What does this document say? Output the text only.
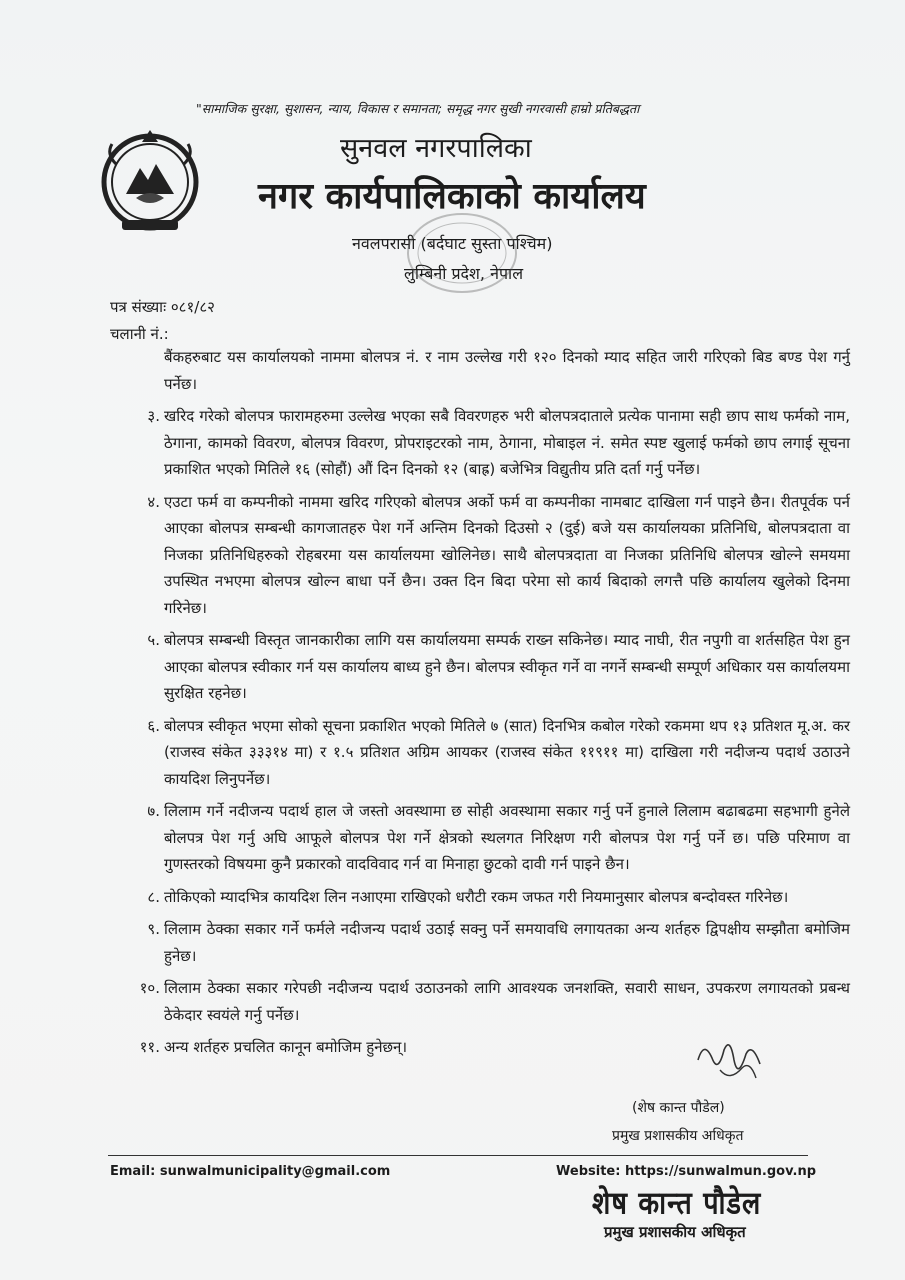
"सामाजिक सुरक्षा, सुशासन, न्याय, विकास र समानता; समृद्ध नगर सुखी नगरवासी हाम्रो प्रतिबद्धता
सुनवल नगरपालिका
नगर कार्यपालिकाको कार्यालय
नवलपरासी (बर्दघाट सुस्ता पश्चिम)
लुम्बिनी प्रदेश, नेपाल
पत्र संख्याः ०८१/८२
चलानी नं.:
बैंकहरुबाट यस कार्यालयको नाममा बोलपत्र नं. र नाम उल्लेख गरी १२० दिनको म्याद सहित जारी गरिएको बिड बण्ड पेश गर्नु पर्नेछ।
३. खरिद गरेको बोलपत्र फारामहरुमा उल्लेख भएका सबै विवरणहरु भरी बोलपत्रदाताले प्रत्येक पानामा सही छाप साथ फर्मको नाम, ठेगाना, कामको विवरण, बोलपत्र विवरण, प्रोपराइटरको नाम, ठेगाना, मोबाइल नं. समेत स्पष्ट खुलाई फर्मको छाप लगाई सूचना प्रकाशित भएको मितिले १६ (सोहौं) औं दिन दिनको १२ (बाह्र) बजेभित्र विद्युतीय प्रति दर्ता गर्नु पर्नेछ।
४. एउटा फर्म वा कम्पनीको नाममा खरिद गरिएको बोलपत्र अर्को फर्म वा कम्पनीका नामबाट दाखिला गर्न पाइने छैन। रीतपूर्वक पर्न आएका बोलपत्र सम्बन्धी कागजातहरु पेश गर्ने अन्तिम दिनको दिउसो २ (दुई) बजे यस कार्यालयका प्रतिनिधि, बोलपत्रदाता वा निजका प्रतिनिधिहरुको रोहबरमा यस कार्यालयमा खोलिनेछ। साथै बोलपत्रदाता वा निजका प्रतिनिधि बोलपत्र खोल्ने समयमा उपस्थित नभएमा बोलपत्र खोल्न बाधा पर्ने छैन। उक्त दिन बिदा परेमा सो कार्य बिदाको लगत्तै पछि कार्यालय खुलेको दिनमा गरिनेछ।
५. बोलपत्र सम्बन्धी विस्तृत जानकारीका लागि यस कार्यालयमा सम्पर्क राख्न सकिनेछ। म्याद नाघी, रीत नपुगी वा शर्तसहित पेश हुन आएका बोलपत्र स्वीकार गर्न यस कार्यालय बाध्य हुने छैन। बोलपत्र स्वीकृत गर्ने वा नगर्ने सम्बन्धी सम्पूर्ण अधिकार यस कार्यालयमा सुरक्षित रहनेछ।
६. बोलपत्र स्वीकृत भएमा सोको सूचना प्रकाशित भएको मितिले ७ (सात) दिनभित्र कबोल गरेको रकममा थप १३ प्रतिशत मू.अ. कर (राजस्व संकेत ३३३१४ मा) र १.५ प्रतिशत अग्रिम आयकर (राजस्व संकेत ११९११ मा) दाखिला गरी नदीजन्य पदार्थ उठाउने कायदिश लिनुपर्नेछ।
७. लिलाम गर्ने नदीजन्य पदार्थ हाल जे जस्तो अवस्थामा छ सोही अवस्थामा सकार गर्नु पर्ने हुनाले लिलाम बढाबढमा सहभागी हुनेले बोलपत्र पेश गर्नु अघि आफूले बोलपत्र पेश गर्ने क्षेत्रको स्थलगत निरिक्षण गरी बोलपत्र पेश गर्नु पर्ने छ। पछि परिमाण वा गुणस्तरको विषयमा कुनै प्रकारको वादविवाद गर्न वा मिनाहा छुटको दावी गर्न पाइने छैन।
८. तोकिएको म्यादभित्र कायदिश लिन नआएमा राखिएको धरौटी रकम जफत गरी नियमानुसार बोलपत्र बन्दोवस्त गरिनेछ।
९. लिलाम ठेक्का सकार गर्ने फर्मले नदीजन्य पदार्थ उठाई सक्नु पर्ने समयावधि लगायतका अन्य शर्तहरु द्विपक्षीय सम्झौता बमोजिम हुनेछ।
१०. लिलाम ठेक्का सकार गरेपछी नदीजन्य पदार्थ उठाउनको लागि आवश्यक जनशक्ति, सवारी साधन, उपकरण लगायतको प्रबन्ध ठेकेदार स्वयंले गर्नु पर्नेछ।
११. अन्य शर्तहरु प्रचलित कानून बमोजिम हुनेछन्।
(शेष कान्त पौडेल)
प्रमुख प्रशासकीय अधिकृत
Email: sunwalmunicipality@gmail.com	Website: https://sunwalmun.gov.np
शेष कान्त पौडेल
प्रमुख प्रशासकीय अधिकृत
